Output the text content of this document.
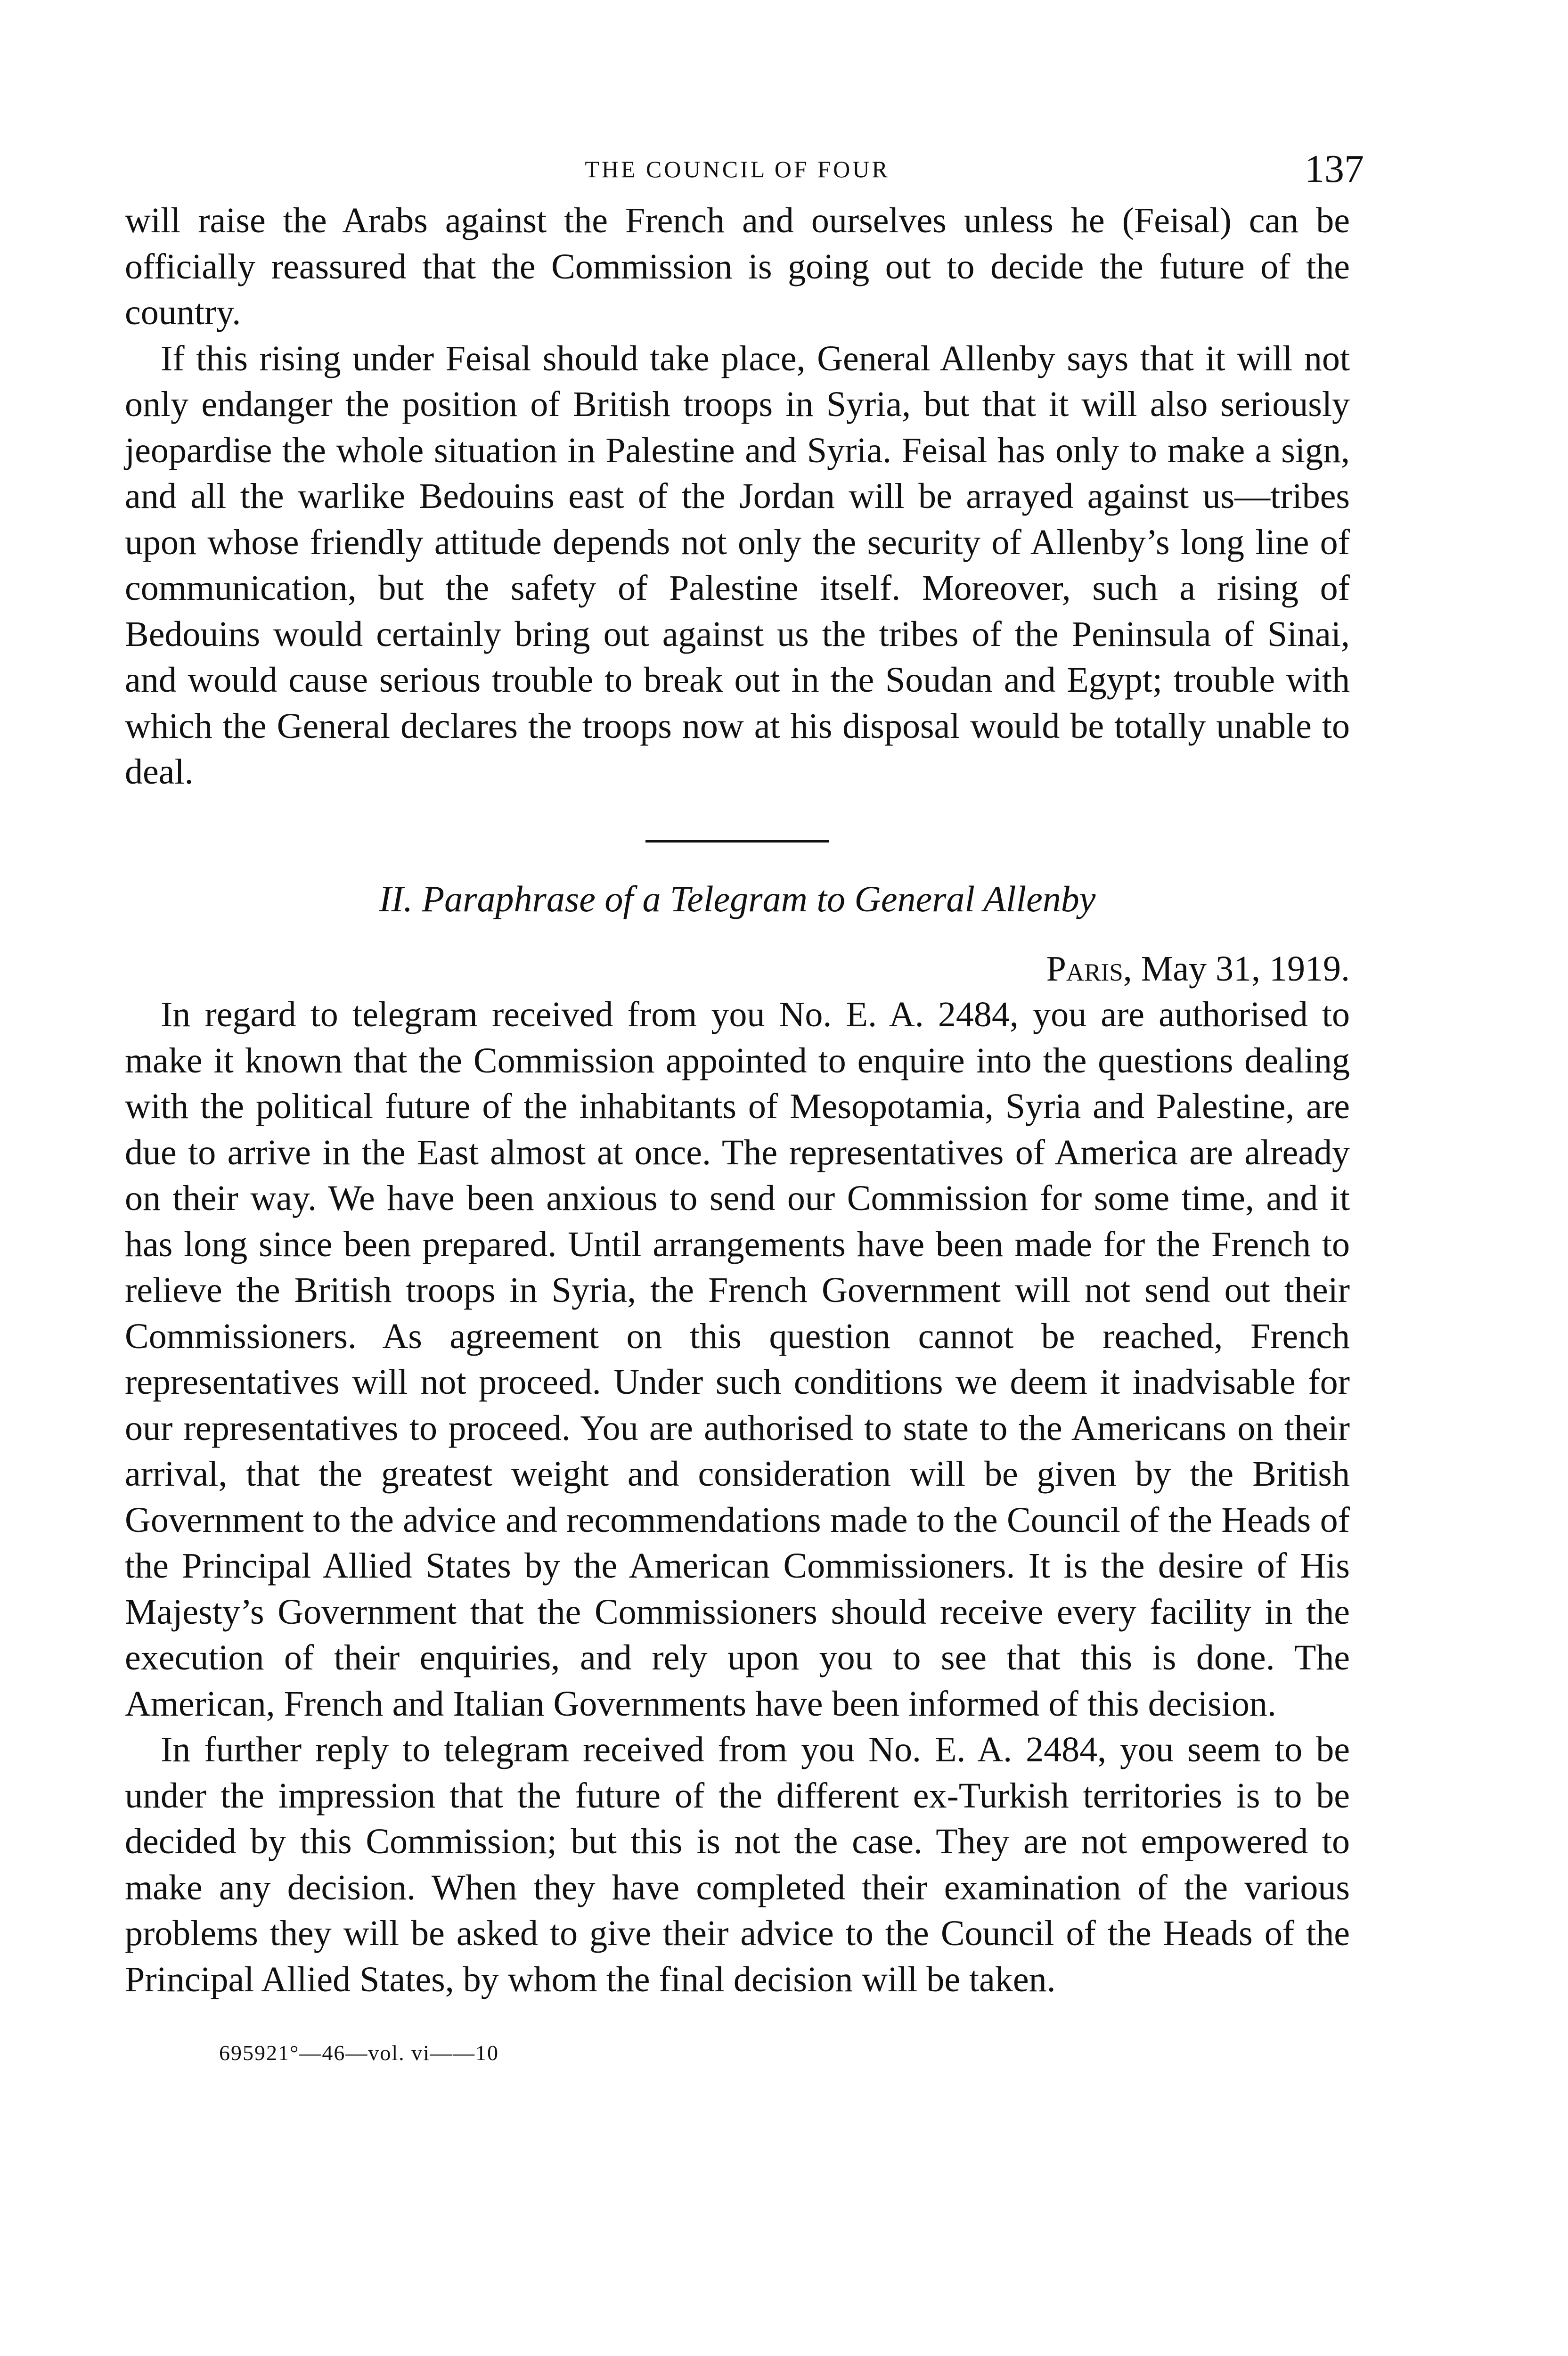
THE COUNCIL OF FOUR	137

will raise the Arabs against the French and ourselves unless he (Feisal) can be officially reassured that the Commission is going out to decide the future of the country.

If this rising under Feisal should take place, General Allenby says that it will not only endanger the position of British troops in Syria, but that it will also seriously jeopardise the whole situation in Palestine and Syria. Feisal has only to make a sign, and all the warlike Bedouins east of the Jordan will be arrayed against us—tribes upon whose friendly attitude depends not only the security of Allenby’s long line of communication, but the safety of Palestine itself. Moreover, such a rising of Bedouins would certainly bring out against us the tribes of the Peninsula of Sinai, and would cause serious trouble to break out in the Soudan and Egypt; trouble with which the General declares the troops now at his disposal would be totally unable to deal.

II. Paraphrase of a Telegram to General Allenby

Paris, May 31, 1919.

In regard to telegram received from you No. E. A. 2484, you are authorised to make it known that the Commission appointed to enquire into the questions dealing with the political future of the inhabitants of Mesopotamia, Syria and Palestine, are due to arrive in the East almost at once. The representatives of America are already on their way. We have been anxious to send our Commission for some time, and it has long since been prepared. Until arrangements have been made for the French to relieve the British troops in Syria, the French Government will not send out their Commissioners. As agreement on this question cannot be reached, French representatives will not proceed. Under such conditions we deem it inadvisable for our representatives to proceed. You are authorised to state to the Americans on their arrival, that the greatest weight and consideration will be given by the British Government to the advice and recommendations made to the Council of the Heads of the Principal Allied States by the American Commissioners. It is the desire of His Majesty’s Government that the Commissioners should receive every facility in the execution of their enquiries, and rely upon you to see that this is done. The American, French and Italian Governments have been informed of this decision.

In further reply to telegram received from you No. E. A. 2484, you seem to be under the impression that the future of the different ex-Turkish territories is to be decided by this Commission; but this is not the case. They are not empowered to make any decision. When they have completed their examination of the various problems they will be asked to give their advice to the Council of the Heads of the Principal Allied States, by whom the final decision will be taken.

695921°—46—vol. vi——10
